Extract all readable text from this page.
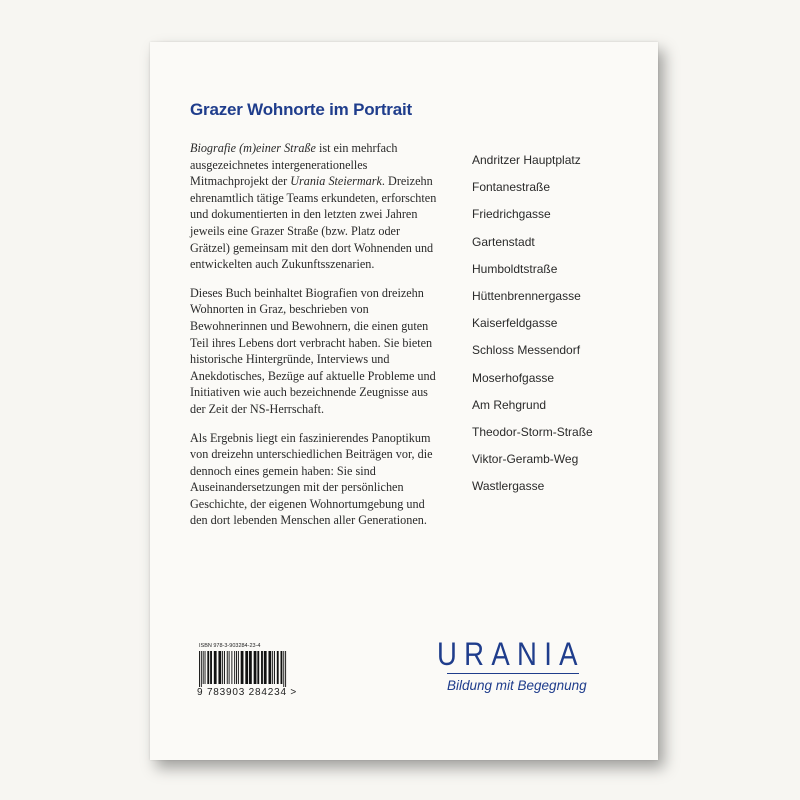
Grazer Wohnorte im Portrait

Biografie (m)einer Straße ist ein mehrfach ausgezeichnetes intergenerationelles Mitmachprojekt der Urania Steiermark. Dreizehn ehrenamtlich tätige Teams erkundeten, erforschten und dokumentierten in den letzten zwei Jahren jeweils eine Grazer Straße (bzw. Platz oder Grätzel) gemeinsam mit den dort Wohnenden und entwickelten auch Zukunftsszenarien.

Dieses Buch beinhaltet Biografien von dreizehn Wohnorten in Graz, beschrieben von Bewohnerinnen und Bewohnern, die einen guten Teil ihres Lebens dort verbracht haben. Sie bieten historische Hintergründe, Interviews und Anekdotisches, Bezüge auf aktuelle Probleme und Initiativen wie auch bezeichnende Zeugnisse aus der Zeit der NS-Herrschaft.

Als Ergebnis liegt ein faszinierendes Panoptikum von dreizehn unterschiedlichen Beiträgen vor, die dennoch eines gemein haben: Sie sind Auseinandersetzungen mit der persönlichen Geschichte, der eigenen Wohnortumgebung und den dort lebenden Menschen aller Generationen.

Andritzer Hauptplatz
Fontanestraße
Friedrichgasse
Gartenstadt
Humboldtstraße
Hüttenbrennergasse
Kaiserfeldgasse
Schloss Messendorf
Moserhofgasse
Am Rehgrund
Theodor-Storm-Straße
Viktor-Geramb-Weg
Wastlergasse
ISBN 978-3-903284-23-4
9 783903 284234 >
URANIA
Bildung mit Begegnung
